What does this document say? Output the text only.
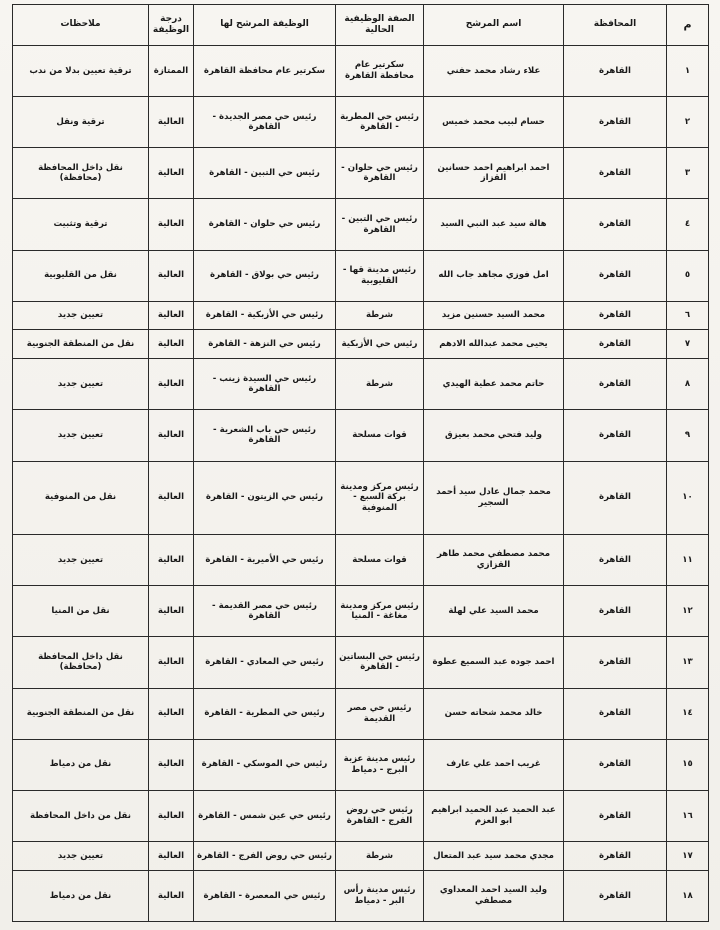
م	المحافظة	اسم المرشح	الصفة الوظيفية الحالية	الوظيفة المرشح لها	درجة الوظيفة	ملاحظات
١	القاهرة	علاء رشاد محمد حفني	سكرتير عام محافظة القاهرة	سكرتير عام محافظة القاهرة	الممتازة	ترقية تعيين بدلا من ندب
٢	القاهرة	حسام لبيب محمد خميس	رئيس حي المطرية - القاهرة	رئيس حي مصر الجديدة - القاهرة	العالية	ترقية ونقل
٣	القاهرة	احمد ابراهيم احمد حسانين القزاز	رئيس حي حلوان - القاهرة	رئيس حي التبين - القاهرة	العالية	نقل داخل المحافظة (محافظة)
٤	القاهرة	هالة سيد عبد النبي السيد	رئيس حي التبين - القاهرة	رئيس حي حلوان - القاهرة	العالية	ترقية وتثبيت
٥	القاهرة	امل فوزي مجاهد جاب الله	رئيس مدينة قها - القليوبية	رئيس حي بولاق - القاهرة	العالية	نقل من القليوبية
٦	القاهرة	محمد السيد حسنين مزيد	شرطة	رئيس حي الأزبكية - القاهرة	العالية	تعيين جديد
٧	القاهرة	يحيى محمد عبدالله الادهم	رئيس حي الأزبكية	رئيس حي النزهة - القاهرة	العالية	نقل من المنطقة الجنوبية
٨	القاهرة	حاتم محمد عطية الهيدي	شرطة	رئيس حي السيدة زينب - القاهرة	العالية	تعيين جديد
٩	القاهرة	وليد فتحي محمد بعيزق	قوات مسلحة	رئيس حي باب الشعرية - القاهرة	العالية	تعيين جديد
١٠	القاهرة	محمد جمال عادل سيد أحمد السجير	رئيس مركز ومدينة بركة السبع - المنوفية	رئيس حي الزيتون - القاهرة	العالية	نقل من المنوفية
١١	القاهرة	محمد مصطفي محمد طاهر القزازي	قوات مسلحة	رئيس حي الأميرية - القاهرة	العالية	تعيين جديد
١٢	القاهرة	محمد السيد علي لهلة	رئيس مركز ومدينة مغاغة - المنيا	رئيس حي مصر القديمة - القاهرة	العالية	نقل من المنيا
١٣	القاهرة	احمد جوده عبد السميع عطوة	رئيس حي البساتين - القاهرة	رئيس حي المعادي - القاهرة	العالية	نقل داخل المحافظة (محافظة)
١٤	القاهرة	خالد محمد شحاته حسن	رئيس حي مصر القديمة	رئيس حي المطرية - القاهرة	العالية	نقل من المنطقة الجنوبية
١٥	القاهرة	غريب احمد علي عارف	رئيس مدينة عزبة البرج - دمياط	رئيس حي الموسكي - القاهرة	العالية	نقل من دمياط
١٦	القاهرة	عبد الحميد عبد الحميد ابراهيم ابو العزم	رئيس حي روض الفرج - القاهرة	رئيس حي عين شمس - القاهرة	العالية	نقل من داخل المحافظة
١٧	القاهرة	مجدي محمد سيد عبد المتعال	شرطة	رئيس حي روض الفرج - القاهرة	العالية	تعيين جديد
١٨	القاهرة	وليد السيد احمد المعداوي مصطفي	رئيس مدينة رأس البر - دمياط	رئيس حي المعصرة - القاهرة	العالية	نقل من دمياط
